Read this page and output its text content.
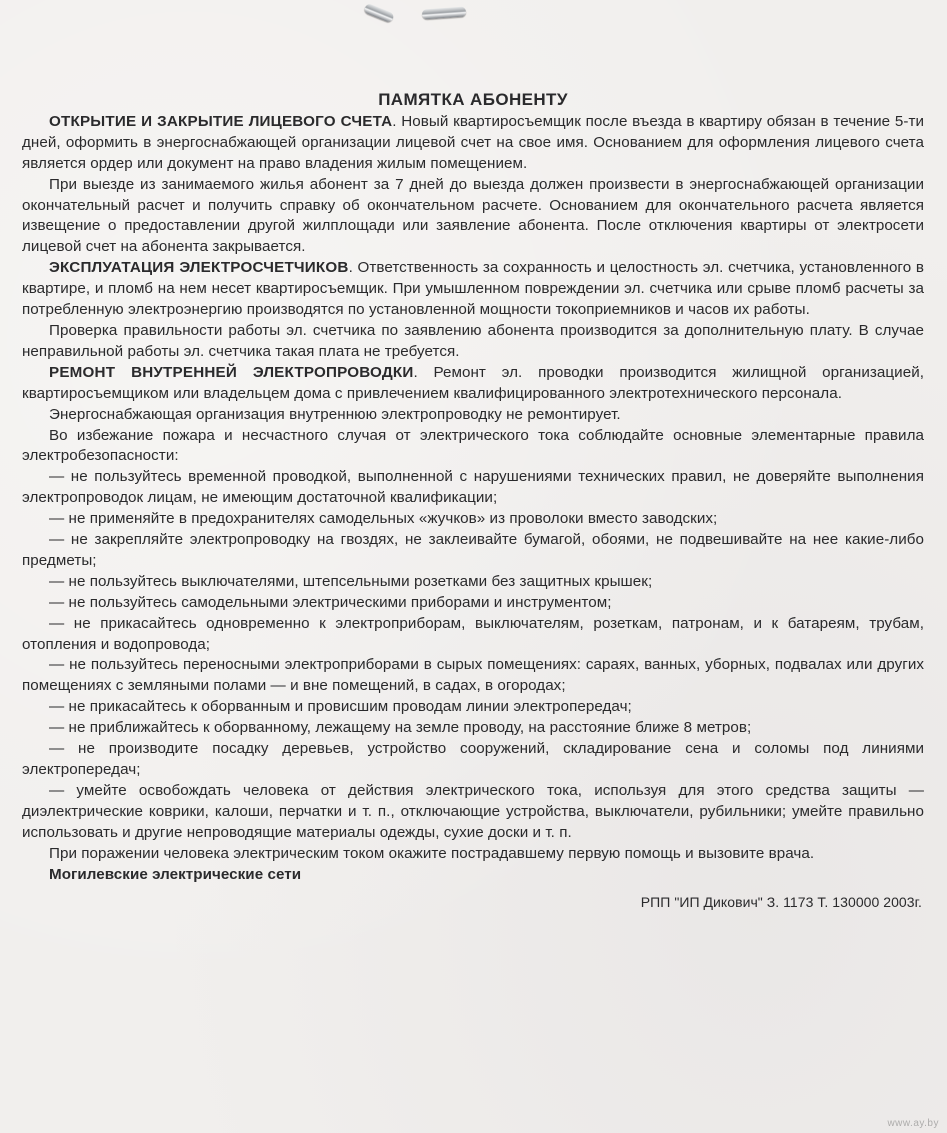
ПАМЯТКА АБОНЕНТУ

ОТКРЫТИЕ И ЗАКРЫТИЕ ЛИЦЕВОГО СЧЕТА. Новый квартиросъемщик после въезда в квартиру обязан в течение 5-ти дней, оформить в энергоснабжающей организации лицевой счет на свое имя. Основанием для оформления лицевого счета является ордер или документ на право владения жилым помещением.

При выезде из занимаемого жилья абонент за 7 дней до выезда должен произвести в энергоснабжающей организации окончательный расчет и получить справку об окончательном расчете. Основанием для окончательного расчета является извещение о предоставлении другой жилплощади или заявление абонента. После отключения квартиры от электросети лицевой счет на абонента закрывается.

ЭКСПЛУАТАЦИЯ ЭЛЕКТРОСЧЕТЧИКОВ. Ответственность за сохранность и целостность эл. счетчика, установленного в квартире, и пломб на нем несет квартиросъемщик. При умышленном повреждении эл. счетчика или срыве пломб расчеты за потребленную электроэнергию производятся по установленной мощности токоприемников и часов их работы.

Проверка правильности работы эл. счетчика по заявлению абонента производится за дополнительную плату. В случае неправильной работы эл. счетчика такая плата не требуется.

РЕМОНТ ВНУТРЕННЕЙ ЭЛЕКТРОПРОВОДКИ. Ремонт эл. проводки производится жилищной организацией, квартиросъемщиком или владельцем дома с привлечением квалифицированного электротехнического персонала.

Энергоснабжающая организация внутреннюю электропроводку не ремонтирует.

Во избежание пожара и несчастного случая от электрического тока соблюдайте основные элементарные правила электробезопасности:

— не пользуйтесь временной проводкой, выполненной с нарушениями технических правил, не доверяйте выполнения электропроводок лицам, не имеющим достаточной квалификации;

— не применяйте в предохранителях самодельных «жучков» из проволоки вместо заводских;

— не закрепляйте электропроводку на гвоздях, не заклеивайте бумагой, обоями, не подвешивайте на нее какие-либо предметы;

— не пользуйтесь выключателями, штепсельными розетками без защитных крышек;

— не пользуйтесь самодельными электрическими приборами и инструментом;

— не прикасайтесь одновременно к электроприборам, выключателям, розеткам, патронам, и к батареям, трубам, отопления и водопровода;

— не пользуйтесь переносными электроприборами в сырых помещениях: сараях, ванных, уборных, подвалах или других помещениях с земляными полами — и вне помещений, в садах, в огородах;

— не прикасайтесь к оборванным и провисшим проводам линии электропередач;

— не приближайтесь к оборванному, лежащему на земле проводу, на расстояние ближе 8 метров;

— не производите посадку деревьев, устройство сооружений, складирование сена и соломы под линиями электропередач;

— умейте освобождать человека от действия электрического тока, используя для этого средства защиты — диэлектрические коврики, калоши, перчатки и т. п., отключающие устройства, выключатели, рубильники; умейте правильно использовать и другие непроводящие материалы одежды, сухие доски и т. п.

При поражении человека электрическим током окажите пострадавшему первую помощь и вызовите врача.

Могилевские электрические сети

РПП "ИП Дикович" З. 1173 Т. 130000 2003г.

www.ay.by
